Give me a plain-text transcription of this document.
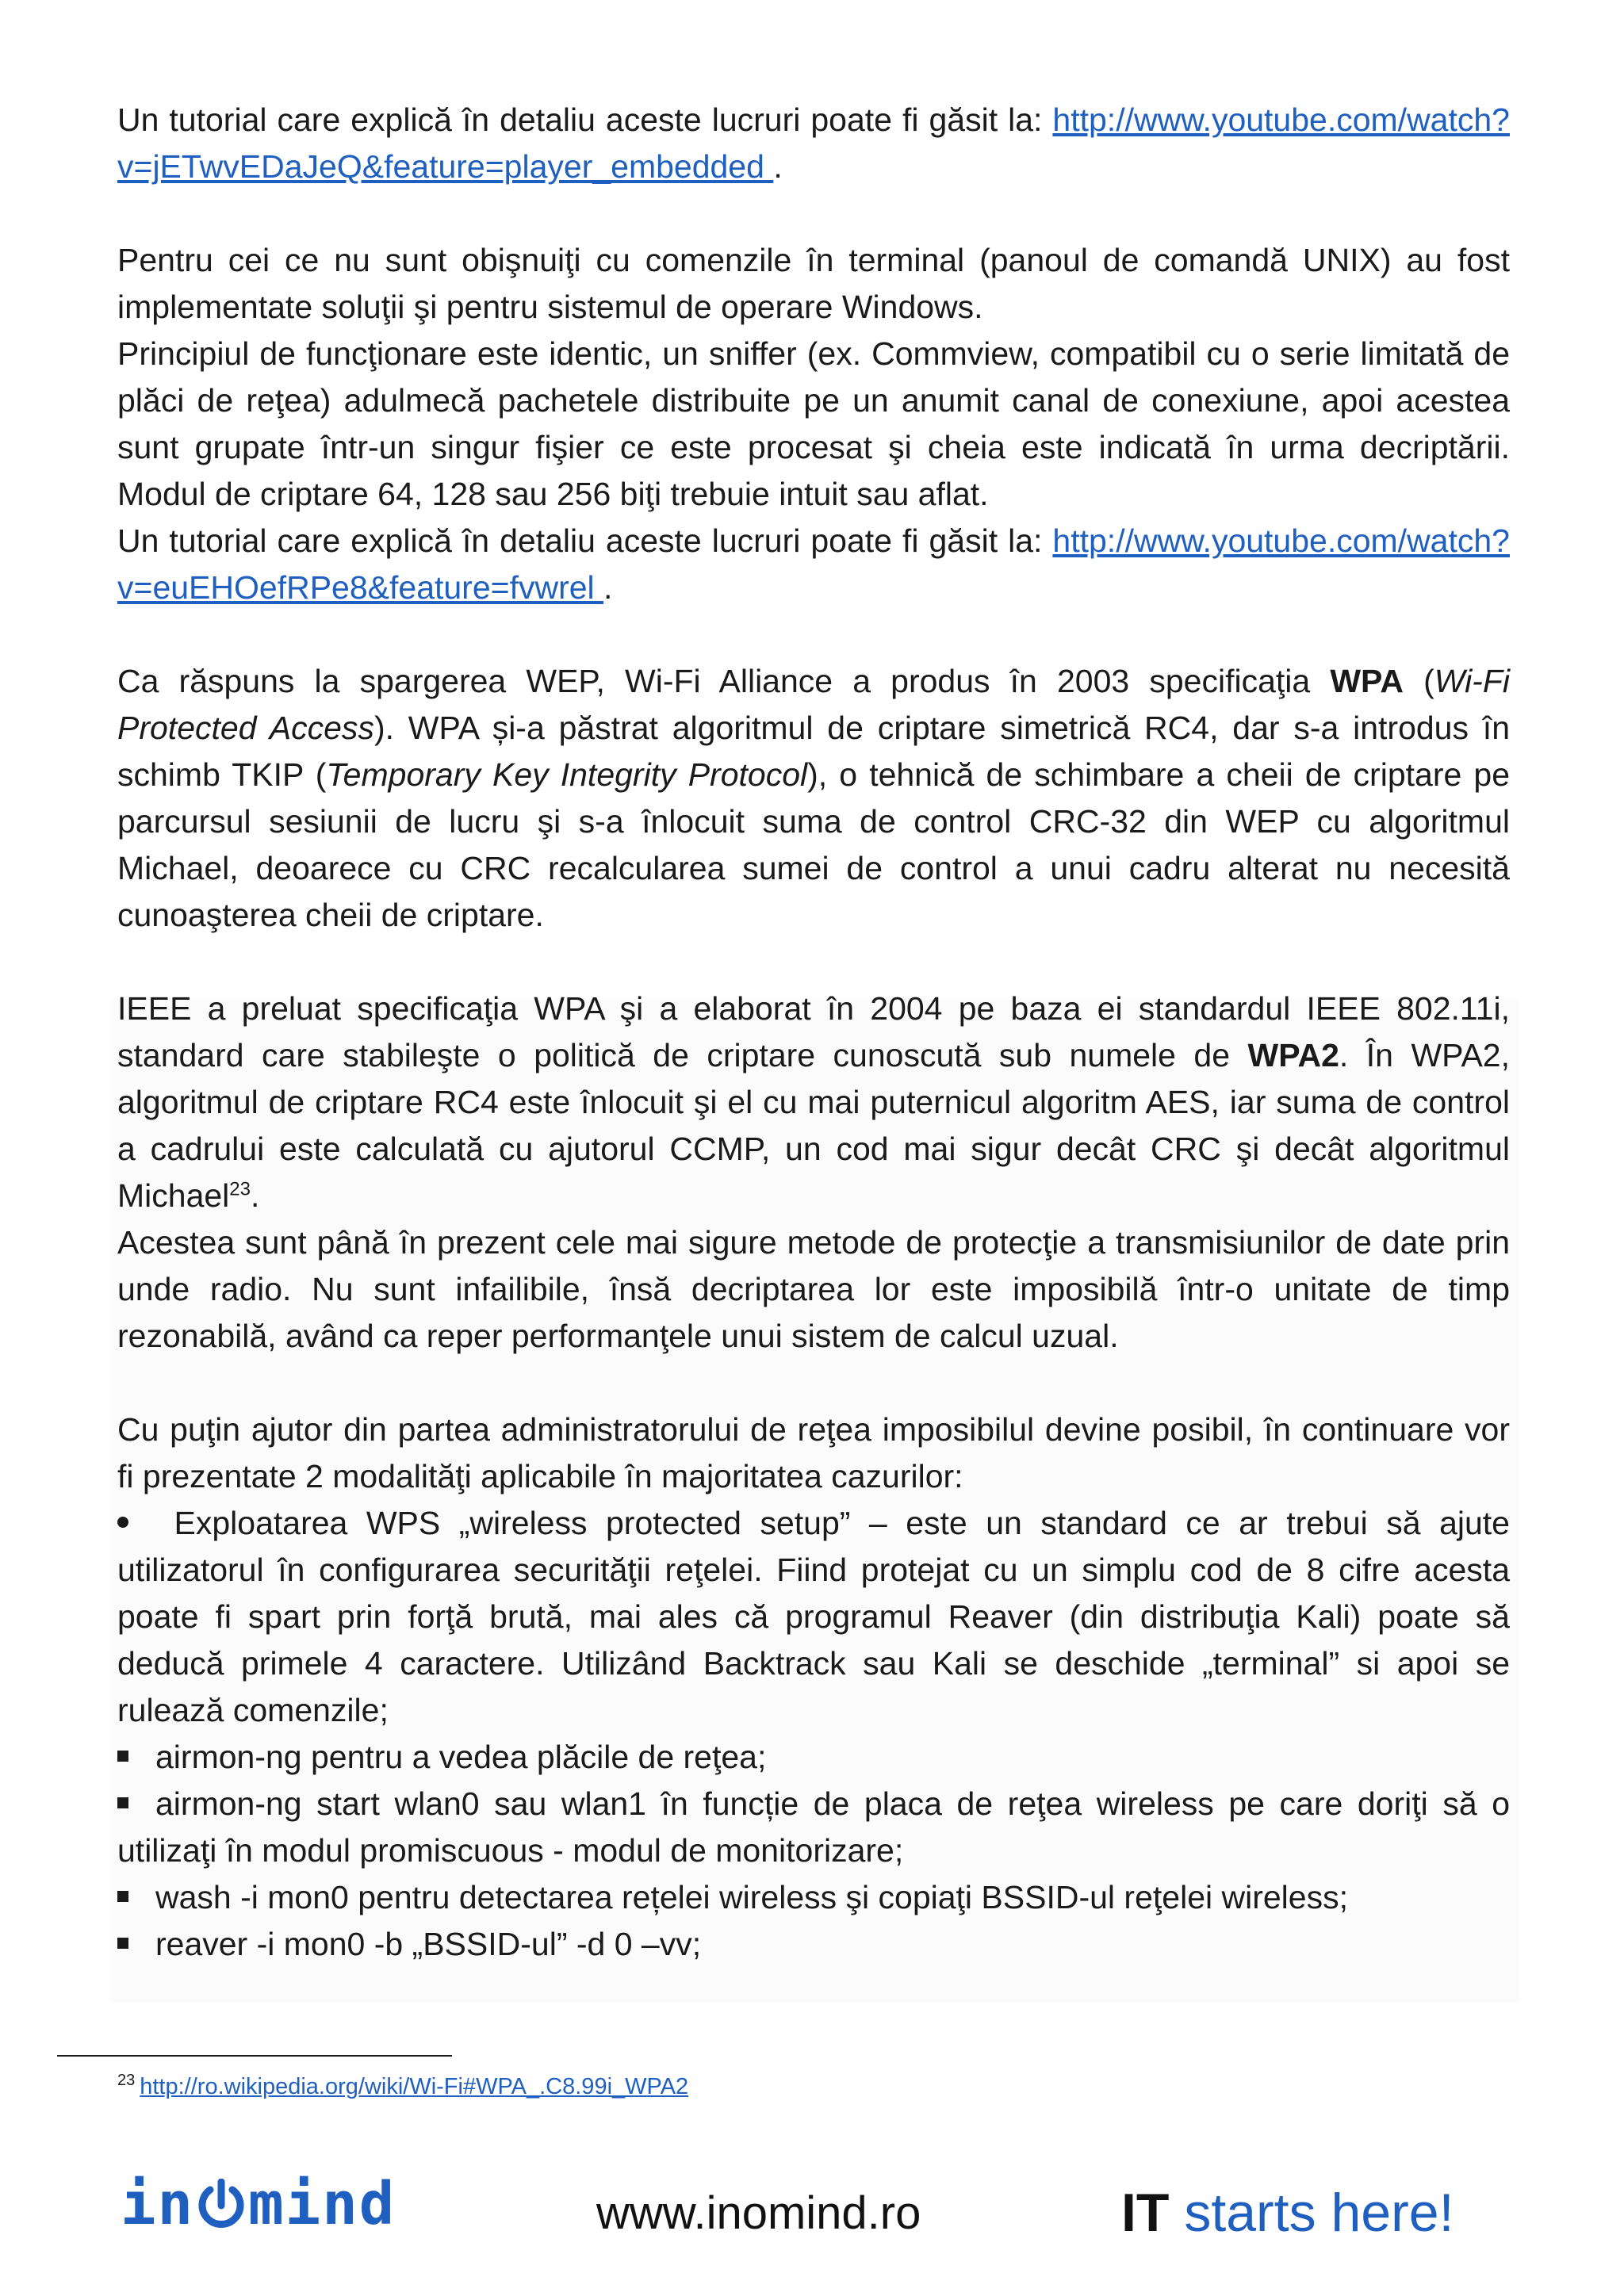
Un tutorial care explică în detaliu aceste lucruri poate fi găsit la: http://www.youtube.com/watch?v=jETwvEDaJeQ&feature=player_embedded .

Pentru cei ce nu sunt obişnuiţi cu comenzile în terminal (panoul de comandă UNIX) au fost implementate soluţii şi pentru sistemul de operare Windows.

Principiul de funcţionare este identic, un sniffer (ex. Commview, compatibil cu o serie limitată de plăci de reţea) adulmecă pachetele distribuite pe un anumit canal de conexiune, apoi acestea sunt grupate într-un singur fişier ce este procesat şi cheia este indicată în urma decriptării. Modul de criptare 64, 128 sau 256 biţi trebuie intuit sau aflat.

Un tutorial care explică în detaliu aceste lucruri poate fi găsit la: http://www.youtube.com/watch?v=euEHOefRPe8&feature=fvwrel .

Ca răspuns la spargerea WEP, Wi-Fi Alliance a produs în 2003 specificaţia WPA (Wi-Fi Protected Access). WPA și-a păstrat algoritmul de criptare simetrică RC4, dar s-a introdus în schimb TKIP (Temporary Key Integrity Protocol), o tehnică de schimbare a cheii de criptare pe parcursul sesiunii de lucru şi s-a înlocuit suma de control CRC-32 din WEP cu algoritmul Michael, deoarece cu CRC recalcularea sumei de control a unui cadru alterat nu necesită cunoaşterea cheii de criptare.

IEEE a preluat specificaţia WPA şi a elaborat în 2004 pe baza ei standardul IEEE 802.11i, standard care stabileşte o politică de criptare cunoscută sub numele de WPA2. În WPA2, algoritmul de criptare RC4 este înlocuit şi el cu mai puternicul algoritm AES, iar suma de control a cadrului este calculată cu ajutorul CCMP, un cod mai sigur decât CRC şi decât algoritmul Michael$^{23}$.

Acestea sunt până în prezent cele mai sigure metode de protecţie a transmisiunilor de date prin unde radio. Nu sunt infailibile, însă decriptarea lor este imposibilă într-o unitate de timp rezonabilă, având ca reper performanţele unui sistem de calcul uzual.

Cu puţin ajutor din partea administratorului de reţea imposibilul devine posibil, în continuare vor fi prezentate 2 modalităţi aplicabile în majoritatea cazurilor:

Exploatarea WPS „wireless protected setup” – este un standard ce ar trebui să ajute utilizatorul în configurarea securităţii reţelei. Fiind protejat cu un simplu cod de 8 cifre acesta poate fi spart prin forţă brută, mai ales că programul Reaver (din distribuţia Kali) poate să deducă primele 4 caractere. Utilizând Backtrack sau Kali se deschide „terminal” si apoi se rulează comenzile;
airmon-ng pentru a vedea plăcile de reţea;
airmon-ng start wlan0 sau wlan1 în funcție de placa de reţea wireless pe care doriţi să o utilizaţi în modul promiscuous - modul de monitorizare;
wash -i mon0 pentru detectarea rețelei wireless şi copiaţi BSSID-ul reţelei wireless;
reaver -i mon0 -b „BSSID-ul” -d 0 –vv;
$^{23}$ http://ro.wikipedia.org/wiki/Wi-Fi#WPA_.C8.99i_WPA2
in mind	www.inomind.ro	IT starts here!
